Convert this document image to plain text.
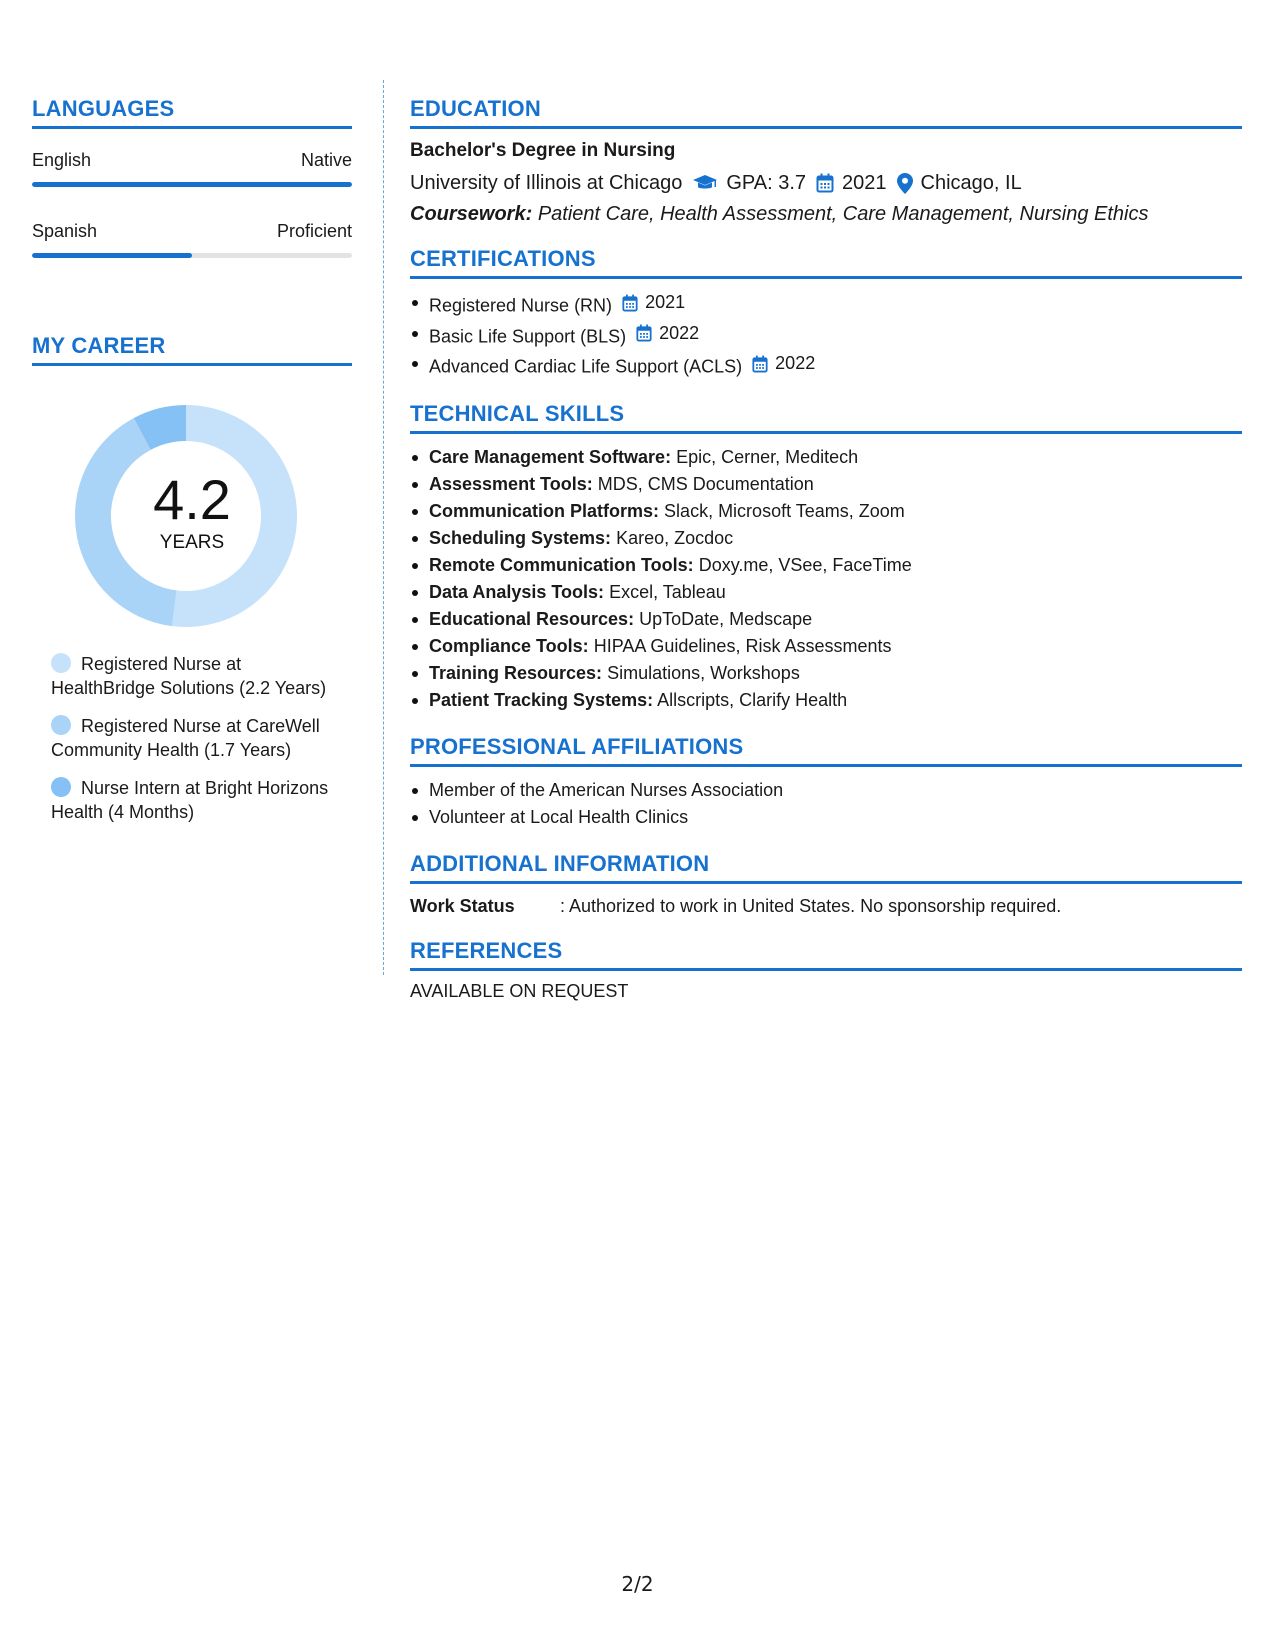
LANGUAGES
English	Native
Spanish	Proficient
MY CAREER
4.2
YEARS
Registered Nurse at HealthBridge Solutions (2.2 Years)
Registered Nurse at CareWell Community Health (1.7 Years)
Nurse Intern at Bright Horizons Health (4 Months)
EDUCATION
Bachelor's Degree in Nursing
University of Illinois at Chicago GPA: 3.7 2021 Chicago, IL
Coursework: Patient Care, Health Assessment, Care Management, Nursing Ethics
CERTIFICATIONS
Registered Nurse (RN) 2021
Basic Life Support (BLS) 2022
Advanced Cardiac Life Support (ACLS) 2022
TECHNICAL SKILLS
Care Management Software: Epic, Cerner, Meditech
Assessment Tools: MDS, CMS Documentation
Communication Platforms: Slack, Microsoft Teams, Zoom
Scheduling Systems: Kareo, Zocdoc
Remote Communication Tools: Doxy.me, VSee, FaceTime
Data Analysis Tools: Excel, Tableau
Educational Resources: UpToDate, Medscape
Compliance Tools: HIPAA Guidelines, Risk Assessments
Training Resources: Simulations, Workshops
Patient Tracking Systems: Allscripts, Clarify Health
PROFESSIONAL AFFILIATIONS
Member of the American Nurses Association
Volunteer at Local Health Clinics
ADDITIONAL INFORMATION
Work Status	: Authorized to work in United States. No sponsorship required.
REFERENCES
AVAILABLE ON REQUEST
2/2
